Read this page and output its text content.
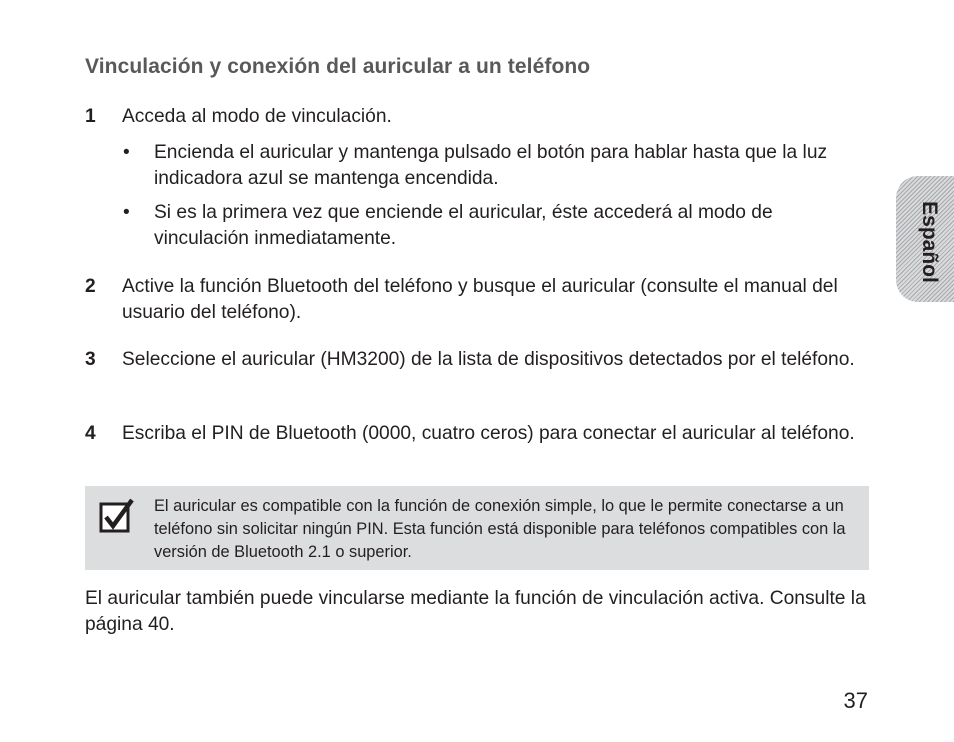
Vinculación y conexión del auricular a un teléfono
1	Acceda al modo de vinculación.
•	Encienda el auricular y mantenga pulsado el botón para hablar hasta que la luz indicadora azul se mantenga encendida.
•	Si es la primera vez que enciende el auricular, éste accederá al modo de vinculación inmediatamente.
2	Active la función Bluetooth del teléfono y busque el auricular (consulte el manual del usuario del teléfono).
3	Seleccione el auricular (HM3200) de la lista de dispositivos detectados por el teléfono.
4	Escriba el PIN de Bluetooth (0000, cuatro ceros) para conectar el auricular al teléfono.
El auricular es compatible con la función de conexión simple, lo que le permite conectarse a un teléfono sin solicitar ningún PIN. Esta función está disponible para teléfonos compatibles con la versión de Bluetooth 2.1 o superior.
El auricular también puede vincularse mediante la función de vinculación activa. Consulte la página 40.
Español
37
